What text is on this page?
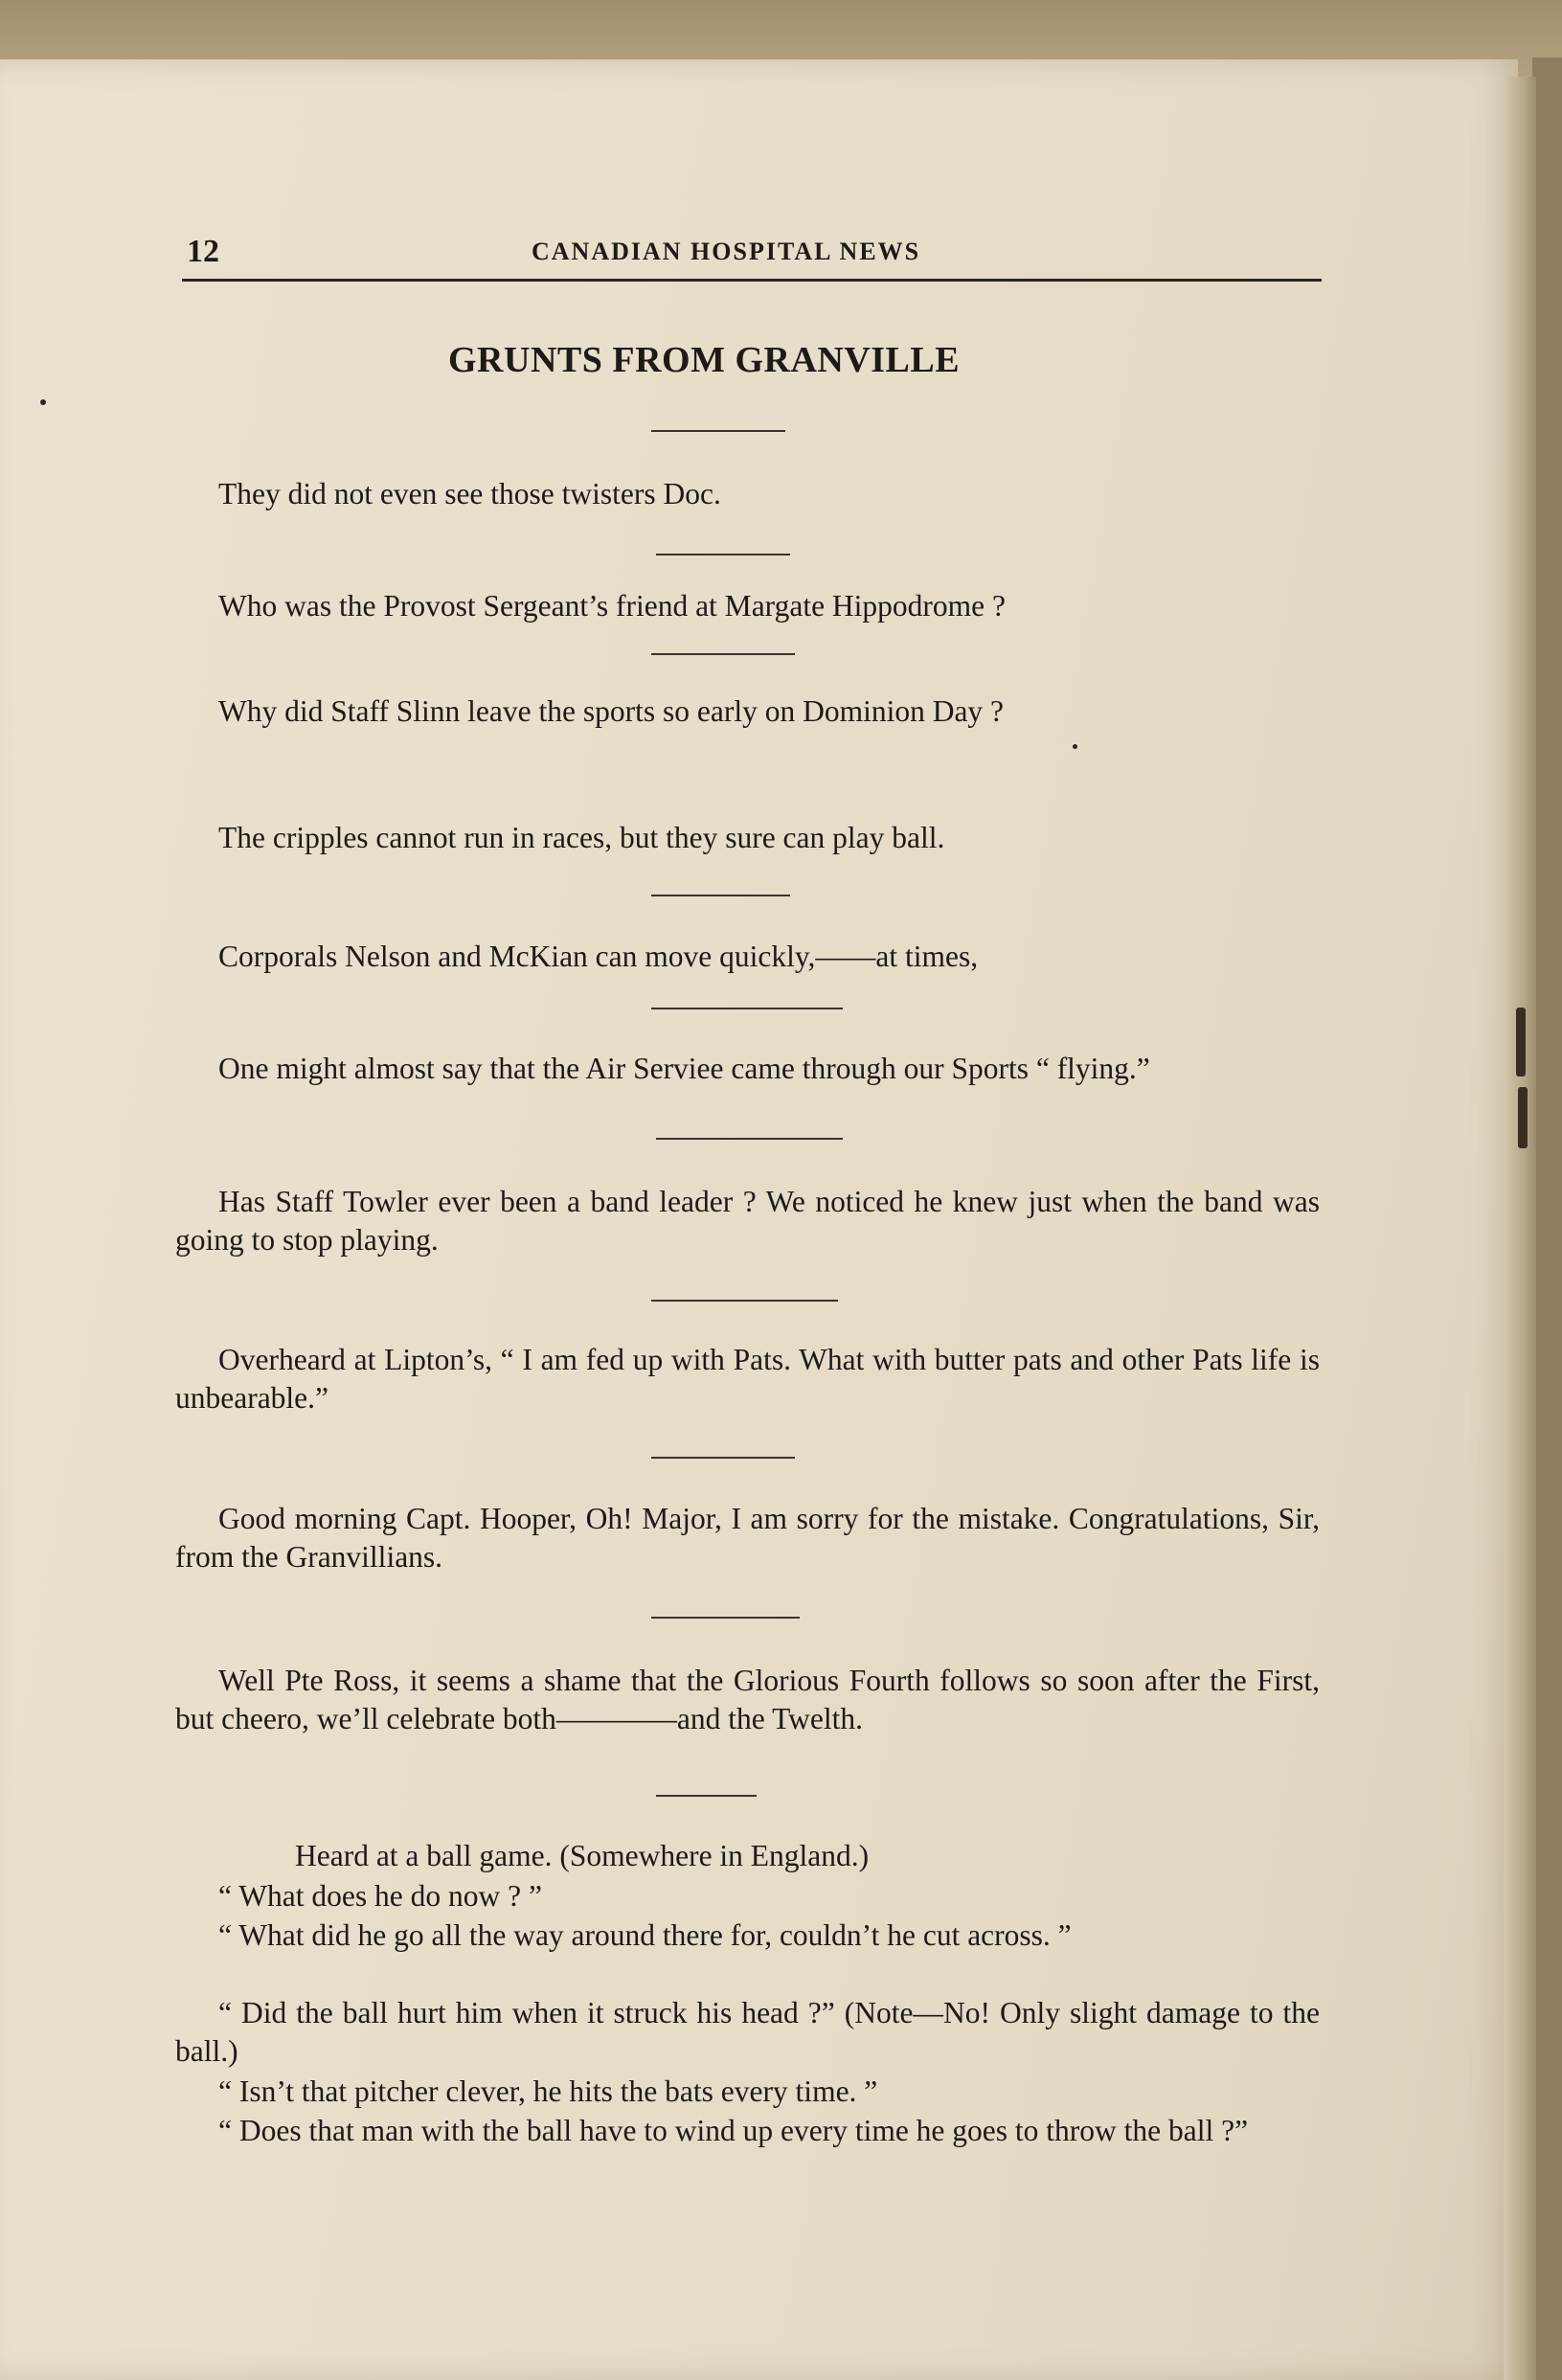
12	CANADIAN HOSPITAL NEWS
GRUNTS FROM GRANVILLE
They did not even see those twisters Doc.
Who was the Provost Sergeant’s friend at Margate Hippodrome ?
Why did Staff Slinn leave the sports so early on Dominion Day ?
The cripples cannot run in races, but they sure can play ball.
Corporals Nelson and McKian can move quickly,——at times,
One might almost say that the Air Serviee came through our Sports “ flying.”
Has Staff Towler ever been a band leader ? We noticed he knew just when the band was going to stop playing.
Overheard at Lipton’s, “ I am fed up with Pats. What with butter pats and other Pats life is unbearable.”
Good morning Capt. Hooper, Oh! Major, I am sorry for the mistake. Congratulations, Sir, from the Granvillians.
Well Pte Ross, it seems a shame that the Glorious Fourth follows so soon after the First, but cheero, we’ll celebrate both————and the Twelth.
Heard at a ball game. (Somewhere in England.)
“ What does he do now ? ”
“ What did he go all the way around there for, couldn’t he cut across. ”
“ Did the ball hurt him when it struck his head ?” (Note—No! Only slight damage to the ball.)
“ Isn’t that pitcher clever, he hits the bats every time. ”
“ Does that man with the ball have to wind up every time he goes to throw the ball ?”
